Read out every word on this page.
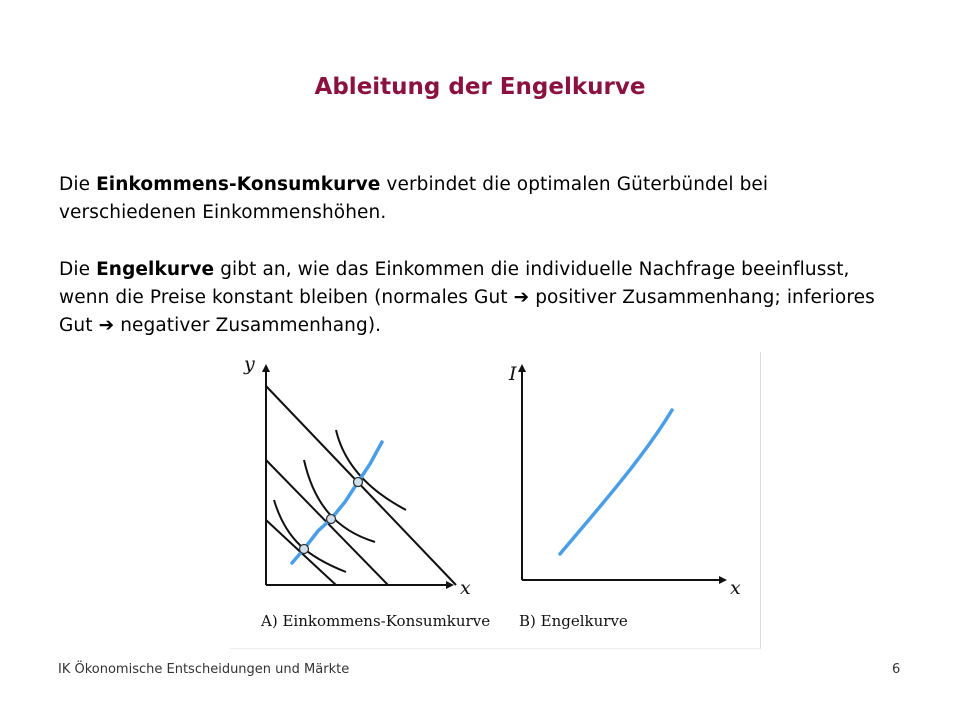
Ableitung der Engelkurve
Die Einkommens-Konsumkurve verbindet die optimalen Güterbündel bei verschiedenen Einkommenshöhen.
Die Engelkurve gibt an, wie das Einkommen die individuelle Nachfrage beeinflusst, wenn die Preise konstant bleiben (normales Gut ➔ positiver Zusammenhang; inferiores Gut ➔ negativer Zusammenhang).
y
x
A) Einkommens-Konsumkurve
I
x
B) Engelkurve
IK Ökonomische Entscheidungen und Märkte	6
